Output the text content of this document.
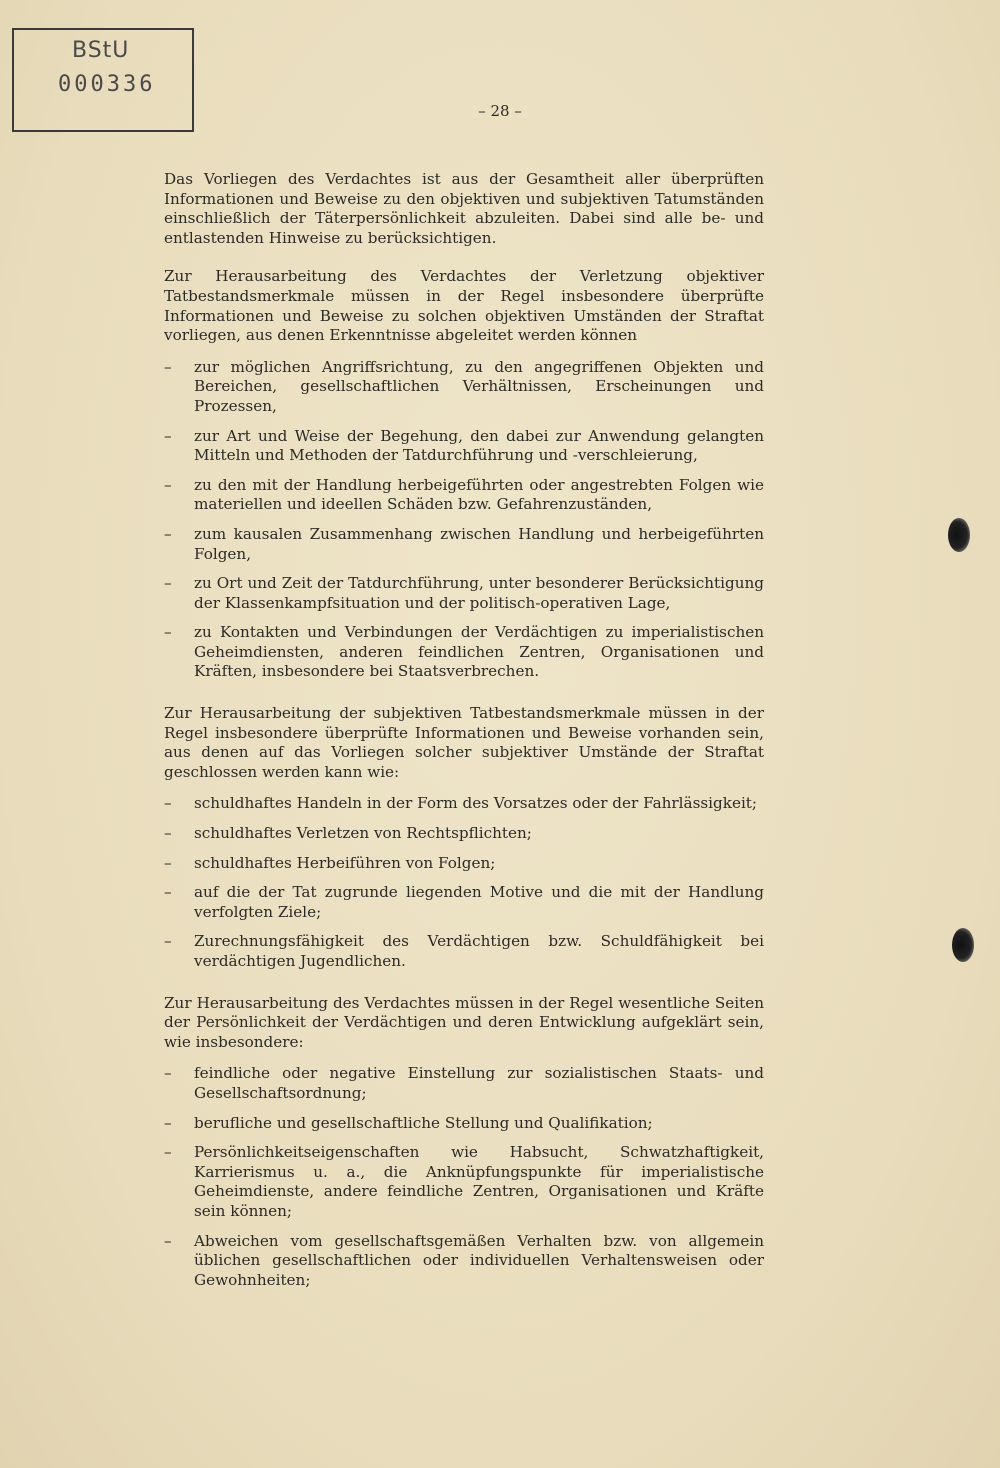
BStU
000336
– 28 –

Das Vorliegen des Verdachtes ist aus der Gesamtheit aller überprüften Informationen und Beweise zu den objektiven und subjektiven Tatumständen einschließlich der Täterpersönlichkeit abzuleiten. Dabei sind alle be- und entlastenden Hinweise zu berücksichtigen.

Zur Herausarbeitung des Verdachtes der Verletzung objektiver Tatbestandsmerkmale müssen in der Regel insbesondere überprüfte Informationen und Beweise zu solchen objektiven Umständen der Straftat vorliegen, aus denen Erkenntnisse abgeleitet werden können

– zur möglichen Angriffsrichtung, zu den angegriffenen Objekten und Bereichen, gesellschaftlichen Verhältnissen, Erscheinungen und Prozessen,
– zur Art und Weise der Begehung, den dabei zur Anwendung gelangten Mitteln und Methoden der Tatdurchführung und -verschleierung,
– zu den mit der Handlung herbeigeführten oder angestrebten Folgen wie materiellen und ideellen Schäden bzw. Gefahrenzuständen,
– zum kausalen Zusammenhang zwischen Handlung und herbeigeführten Folgen,
– zu Ort und Zeit der Tatdurchführung, unter besonderer Berücksichtigung der Klassenkampfsituation und der politisch-operativen Lage,
– zu Kontakten und Verbindungen der Verdächtigen zu imperialistischen Geheimdiensten, anderen feindlichen Zentren, Organisationen und Kräften, insbesondere bei Staatsverbrechen.

Zur Herausarbeitung der subjektiven Tatbestandsmerkmale müssen in der Regel insbesondere überprüfte Informationen und Beweise vorhanden sein, aus denen auf das Vorliegen solcher subjektiver Umstände der Straftat geschlossen werden kann wie:

– schuldhaftes Handeln in der Form des Vorsatzes oder der Fahrlässigkeit;
– schuldhaftes Verletzen von Rechtspflichten;
– schuldhaftes Herbeiführen von Folgen;
– auf die der Tat zugrunde liegenden Motive und die mit der Handlung verfolgten Ziele;
– Zurechnungsfähigkeit des Verdächtigen bzw. Schuldfähigkeit bei verdächtigen Jugendlichen.

Zur Herausarbeitung des Verdachtes müssen in der Regel wesentliche Seiten der Persönlichkeit der Verdächtigen und deren Entwicklung aufgeklärt sein, wie insbesondere:

– feindliche oder negative Einstellung zur sozialistischen Staats- und Gesellschaftsordnung;
– berufliche und gesellschaftliche Stellung und Qualifikation;
– Persönlichkeitseigenschaften wie Habsucht, Schwatzhaftigkeit, Karrierismus u. a., die Anknüpfungspunkte für imperialistische Geheimdienste, andere feindliche Zentren, Organisationen und Kräfte sein können;
– Abweichen vom gesellschaftsgemäßen Verhalten bzw. von allgemein üblichen gesellschaftlichen oder individuellen Verhaltensweisen oder Gewohnheiten;
